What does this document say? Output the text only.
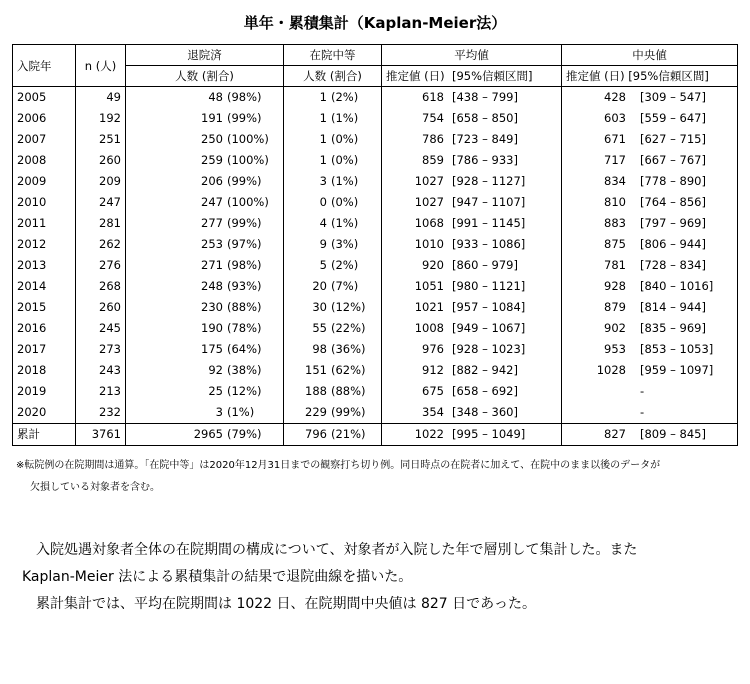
単年・累積集計（Kaplan-Meier法）
入院年	n (人)	退院済	在院中等	平均値	中央値
		人数 (割合)	人数 (割合)	推定値 (日) [95%信頼区間]	推定値 (日) [95%信頼区間]
2005	49	48 (98%)	1 (2%)	618 [438 – 799]	428 [309 – 547]

2006	192	191 (99%)	1 (1%)	754 [658 – 850]	603 [559 – 647]

2007	251	250 (100%)	1 (0%)	786 [723 – 849]	671 [627 – 715]

2008	260	259 (100%)	1 (0%)	859 [786 – 933]	717 [667 – 767]

2009	209	206 (99%)	3 (1%)	1027 [928 – 1127]	834 [778 – 890]

2010	247	247 (100%)	0 (0%)	1027 [947 – 1107]	810 [764 – 856]

2011	281	277 (99%)	4 (1%)	1068 [991 – 1145]	883 [797 – 969]

2012	262	253 (97%)	9 (3%)	1010 [933 – 1086]	875 [806 – 944]

2013	276	271 (98%)	5 (2%)	920 [860 – 979]	781 [728 – 834]

2014	268	248 (93%)	20 (7%)	1051 [980 – 1121]	928 [840 – 1016]

2015	260	230 (88%)	30 (12%)	1021 [957 – 1084]	879 [814 – 944]

2016	245	190 (78%)	55 (22%)	1008 [949 – 1067]	902 [835 – 969]

2017	273	175 (64%)	98 (36%)	976 [928 – 1023]	953 [853 – 1053]

2018	243	92 (38%)	151 (62%)	912 [882 – 942]	1028 [959 – 1097]

2019	213	25 (12%)	188 (88%)	675 [658 – 692]	-

2020	232	3 (1%)	229 (99%)	354 [348 – 360]	-

累計	3761	2965 (79%)	796 (21%)	1022 [995 – 1049]	827 [809 – 845]
※転院例の在院期間は通算。「在院中等」は2020年12月31日までの観察打ち切り例。同日時点の在院者に加えて、在院中のまま以後のデータが
欠損している対象者を含む。
入院処遇対象者全体の在院期間の構成について、対象者が入院した年で層別して集計した。また
Kaplan-Meier 法による累積集計の結果で退院曲線を描いた。
累計集計では、平均在院期間は 1022 日、在院期間中央値は 827 日であった。
